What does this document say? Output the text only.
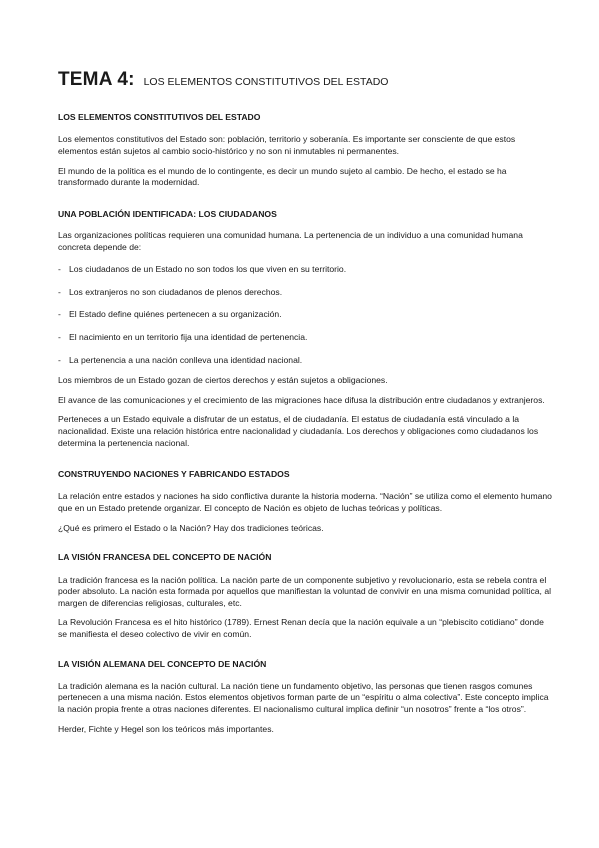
TEMA 4: LOS ELEMENTOS CONSTITUTIVOS DEL ESTADO
LOS ELEMENTOS CONSTITUTIVOS DEL ESTADO

Los elementos constitutivos del Estado son: población, territorio y soberanía. Es importante ser consciente de que estos elementos están sujetos al cambio socio-histórico y no son ni inmutables ni permanentes.

El mundo de la política es el mundo de lo contingente, es decir un mundo sujeto al cambio. De hecho, el estado se ha transformado durante la modernidad.

UNA POBLACIÓN IDENTIFICADA: LOS CIUDADANOS

Las organizaciones políticas requieren una comunidad humana. La pertenencia de un individuo a una comunidad humana concreta depende de:

- Los ciudadanos de un Estado no son todos los que viven en su territorio.
- Los extranjeros no son ciudadanos de plenos derechos.
- El Estado define quiénes pertenecen a su organización.
- El nacimiento en un territorio fija una identidad de pertenencia.
- La pertenencia a una nación conlleva una identidad nacional.

Los miembros de un Estado gozan de ciertos derechos y están sujetos a obligaciones.

El avance de las comunicaciones y el crecimiento de las migraciones hace difusa la distribución entre ciudadanos y extranjeros.

Perteneces a un Estado equivale a disfrutar de un estatus, el de ciudadanía. El estatus de ciudadanía está vinculado a la nacionalidad. Existe una relación histórica entre nacionalidad y ciudadanía. Los derechos y obligaciones como ciudadanos los determina la pertenencia nacional.

CONSTRUYENDO NACIONES Y FABRICANDO ESTADOS

La relación entre estados y naciones ha sido conflictiva durante la historia moderna. “Nación” se utiliza como el elemento humano que en un Estado pretende organizar. El concepto de Nación es objeto de luchas teóricas y políticas.

¿Qué es primero el Estado o la Nación? Hay dos tradiciones teóricas.

LA VISIÓN FRANCESA DEL CONCEPTO DE NACIÓN

La tradición francesa es la nación política. La nación parte de un componente subjetivo y revolucionario, esta se rebela contra el poder absoluto. La nación esta formada por aquellos que manifiestan la voluntad de convivir en una misma comunidad política, al margen de diferencias religiosas, culturales, etc.

La Revolución Francesa es el hito histórico (1789). Ernest Renan decía que la nación equivale a un “plebiscito cotidiano” donde se manifiesta el deseo colectivo de vivir en común.

LA VISIÓN ALEMANA DEL CONCEPTO DE NACIÓN

La tradición alemana es la nación cultural. La nación tiene un fundamento objetivo, las personas que tienen rasgos comunes pertenecen a una misma nación. Estos elementos objetivos forman parte de un “espíritu o alma colectiva”. Este concepto implica la nación propia frente a otras naciones diferentes. El nacionalismo cultural implica definir “un nosotros” frente a “los otros”.

Herder, Fichte y Hegel son los teóricos más importantes.
